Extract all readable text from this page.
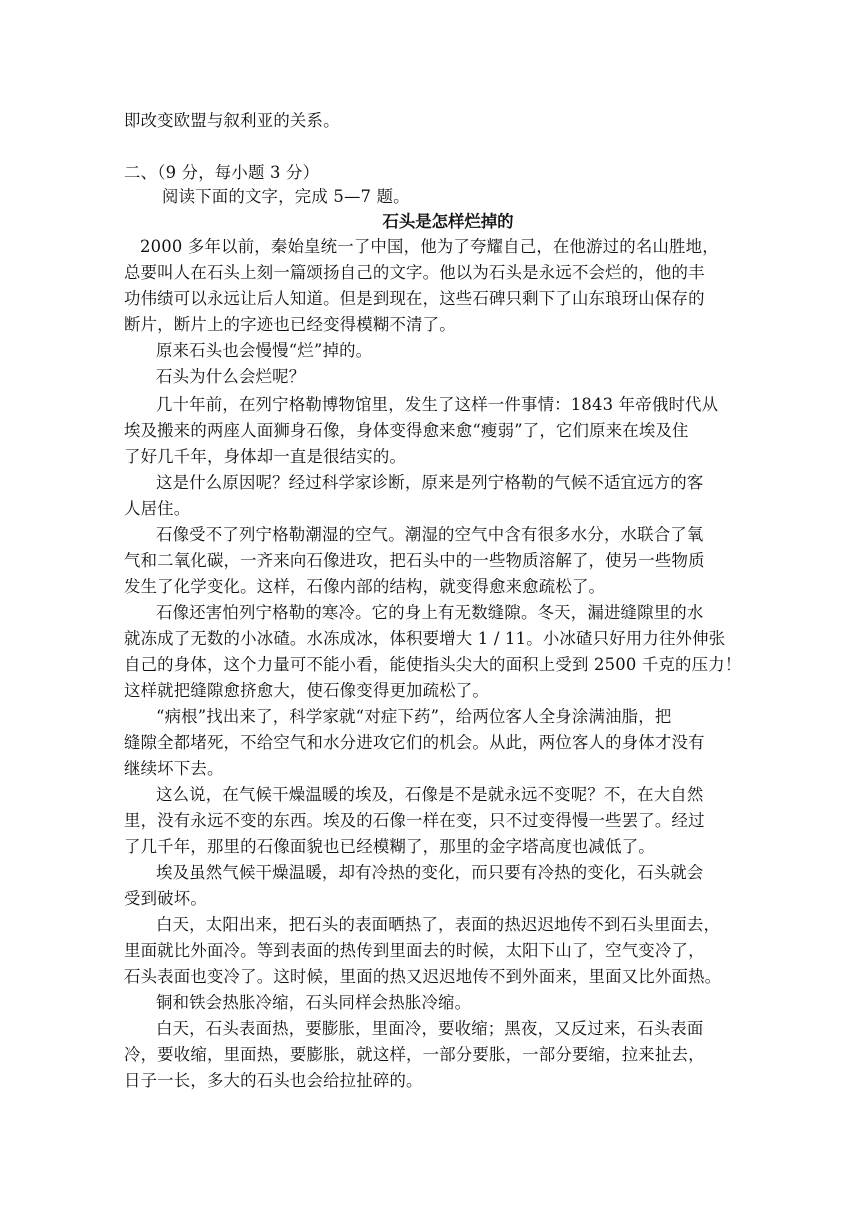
即改变欧盟与叙利亚的关系。
二、（9 分，每小题 3 分）
阅读下面的文字，完成 5—7 题。
石头是怎样烂掉的
2000 多年以前，秦始皇统一了中国，他为了夸耀自己，在他游过的名山胜地，
总要叫人在石头上刻一篇颂扬自己的文字。他以为石头是永远不会烂的，他的丰
功伟绩可以永远让后人知道。但是到现在，这些石碑只剩下了山东琅玡山保存的
断片，断片上的字迹也已经变得模糊不清了。
原来石头也会慢慢“烂”掉的。
石头为什么会烂呢？
几十年前，在列宁格勒博物馆里，发生了这样一件事情：1843 年帝俄时代从
埃及搬来的两座人面狮身石像，身体变得愈来愈“瘦弱”了，它们原来在埃及住
了好几千年，身体却一直是很结实的。
这是什么原因呢？经过科学家诊断，原来是列宁格勒的气候不适宜远方的客
人居住。
石像受不了列宁格勒潮湿的空气。潮湿的空气中含有很多水分，水联合了氧
气和二氧化碳，一齐来向石像进攻，把石头中的一些物质溶解了，使另一些物质
发生了化学变化。这样，石像内部的结构，就变得愈来愈疏松了。
石像还害怕列宁格勒的寒冷。它的身上有无数缝隙。冬天，漏进缝隙里的水
就冻成了无数的小冰碴。水冻成冰，体积要增大 1 / 11。小冰碴只好用力往外伸张
自己的身体，这个力量可不能小看，能使指头尖大的面积上受到 2500 千克的压力！
这样就把缝隙愈挤愈大，使石像变得更加疏松了。
“病根”找出来了，科学家就“对症下药”，给两位客人全身涂满油脂，把
缝隙全都堵死，不给空气和水分进攻它们的机会。从此，两位客人的身体才没有
继续坏下去。
这么说，在气候干燥温暖的埃及，石像是不是就永远不变呢？不，在大自然
里，没有永远不变的东西。埃及的石像一样在变，只不过变得慢一些罢了。经过
了几千年，那里的石像面貌也已经模糊了，那里的金字塔高度也减低了。
埃及虽然气候干燥温暖，却有冷热的变化，而只要有冷热的变化，石头就会
受到破坏。
白天，太阳出来，把石头的表面晒热了，表面的热迟迟地传不到石头里面去，
里面就比外面冷。等到表面的热传到里面去的时候，太阳下山了，空气变冷了，
石头表面也变冷了。这时候，里面的热又迟迟地传不到外面来，里面又比外面热。
铜和铁会热胀冷缩，石头同样会热胀冷缩。
白天，石头表面热，要膨胀，里面冷，要收缩；黑夜，又反过来，石头表面
冷，要收缩，里面热，要膨胀，就这样，一部分要胀，一部分要缩，拉来扯去，
日子一长，多大的石头也会给拉扯碎的。
